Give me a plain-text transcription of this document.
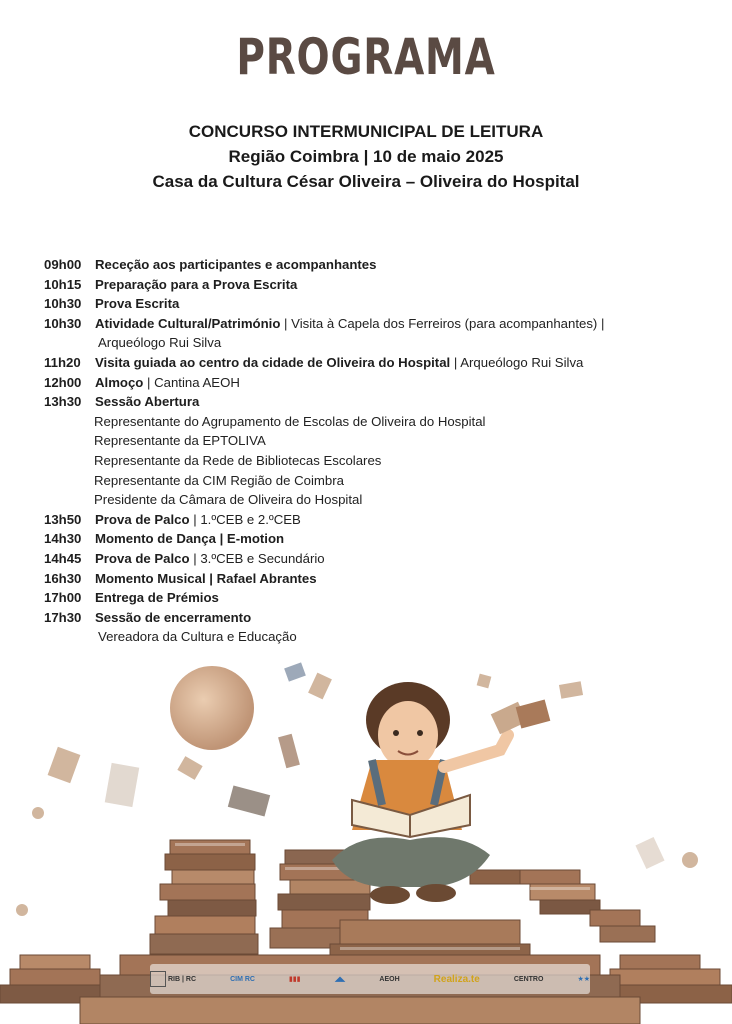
PROGRAMA
CONCURSO INTERMUNICIPAL DE LEITURA
Região Coimbra | 10 de maio 2025
Casa da Cultura César Oliveira – Oliveira do Hospital
09h00	Receção aos participantes e acompanhantes
10h15	Preparação para a Prova Escrita
10h30	Prova Escrita
10h30	Atividade Cultural/Património | Visita à Capela dos Ferreiros (para acompanhantes) |
Arqueólogo Rui Silva
11h20	Visita guiada ao centro da cidade de Oliveira do Hospital | Arqueólogo Rui Silva
12h00	Almoço | Cantina AEOH
13h30	Sessão Abertura
Representante do Agrupamento de Escolas de Oliveira do Hospital
Representante da EPTOLIVA
Representante da Rede de Bibliotecas Escolares
Representante da CIM Região de Coimbra
Presidente da Câmara de Oliveira do Hospital
13h50	Prova de Palco | 1.ºCEB e 2.ºCEB
14h30	Momento de Dança | E-motion
14h45	Prova de Palco | 3.ºCEB e Secundário
16h30	Momento Musical | Rafael Abrantes
17h00	Entrega de Prémios
17h30	Sessão de encerramento
Vereadora da Cultura e Educação
RIB | RC	CIM RC	▮▮▮	◢◣	AEOH	Realiza.te	CENTRO	★★
